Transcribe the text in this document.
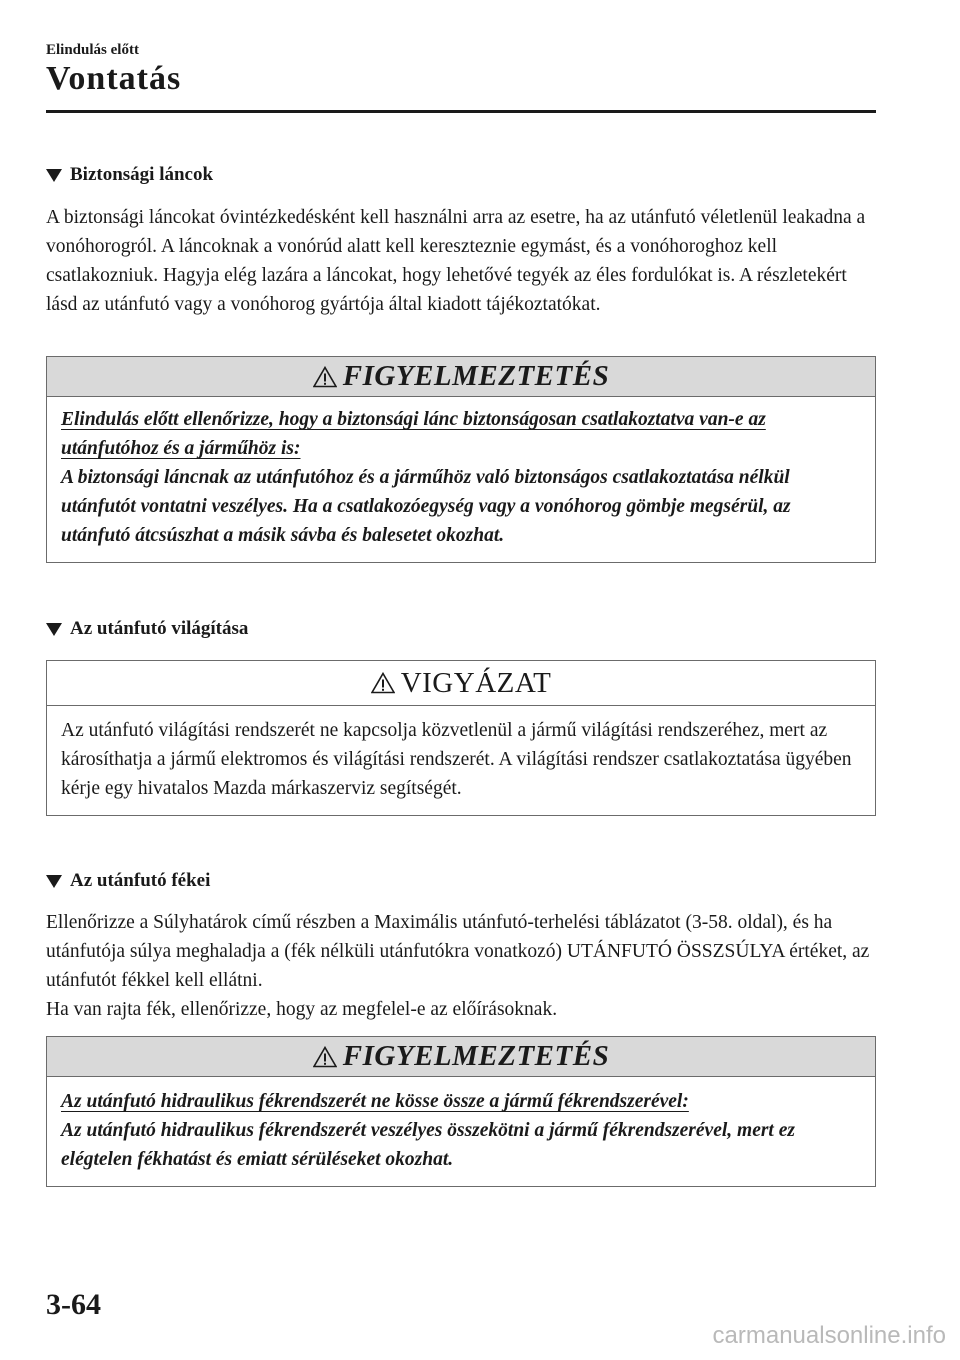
Elindulás előtt
Vontatás
Biztonsági láncok
A biztonsági láncokat óvintézkedésként kell használni arra az esetre, ha az utánfutó véletlenül leakadna a vonóhorogról. A láncoknak a vonórúd alatt kell kereszteznie egymást, és a vonóhoroghoz kell csatlakozniuk. Hagyja elég lazára a láncokat, hogy lehetővé tegyék az éles fordulókat is. A részletekért lásd az utánfutó vagy a vonóhorog gyártója által kiadott tájékoztatókat.
FIGYELMEZTETÉS
Elindulás előtt ellenőrizze, hogy a biztonsági lánc biztonságosan csatlakoztatva van-e az utánfutóhoz és a járműhöz is:
A biztonsági láncnak az utánfutóhoz és a járműhöz való biztonságos csatlakoztatása nélkül utánfutót vontatni veszélyes. Ha a csatlakozóegység vagy a vonóhorog gömbje megsérül, az utánfutó átcsúszhat a másik sávba és balesetet okozhat.
Az utánfutó világítása
VIGYÁZAT
Az utánfutó világítási rendszerét ne kapcsolja közvetlenül a jármű világítási rendszeréhez, mert az károsíthatja a jármű elektromos és világítási rendszerét. A világítási rendszer csatlakoztatása ügyében kérje egy hivatalos Mazda márkaszerviz segítségét.
Az utánfutó fékei
Ellenőrizze a Súlyhatárok című részben a Maximális utánfutó-terhelési táblázatot (3-58. oldal), és ha utánfutója súlya meghaladja a (fék nélküli utánfutókra vonatkozó) UTÁNFUTÓ ÖSSZSÚLYA értéket, az utánfutót fékkel kell ellátni.
Ha van rajta fék, ellenőrizze, hogy az megfelel-e az előírásoknak.
FIGYELMEZTETÉS
Az utánfutó hidraulikus fékrendszerét ne kösse össze a jármű fékrendszerével:
Az utánfutó hidraulikus fékrendszerét veszélyes összekötni a jármű fékrendszerével, mert ez elégtelen fékhatást és emiatt sérüléseket okozhat.
3-64
carmanualsonline.info
